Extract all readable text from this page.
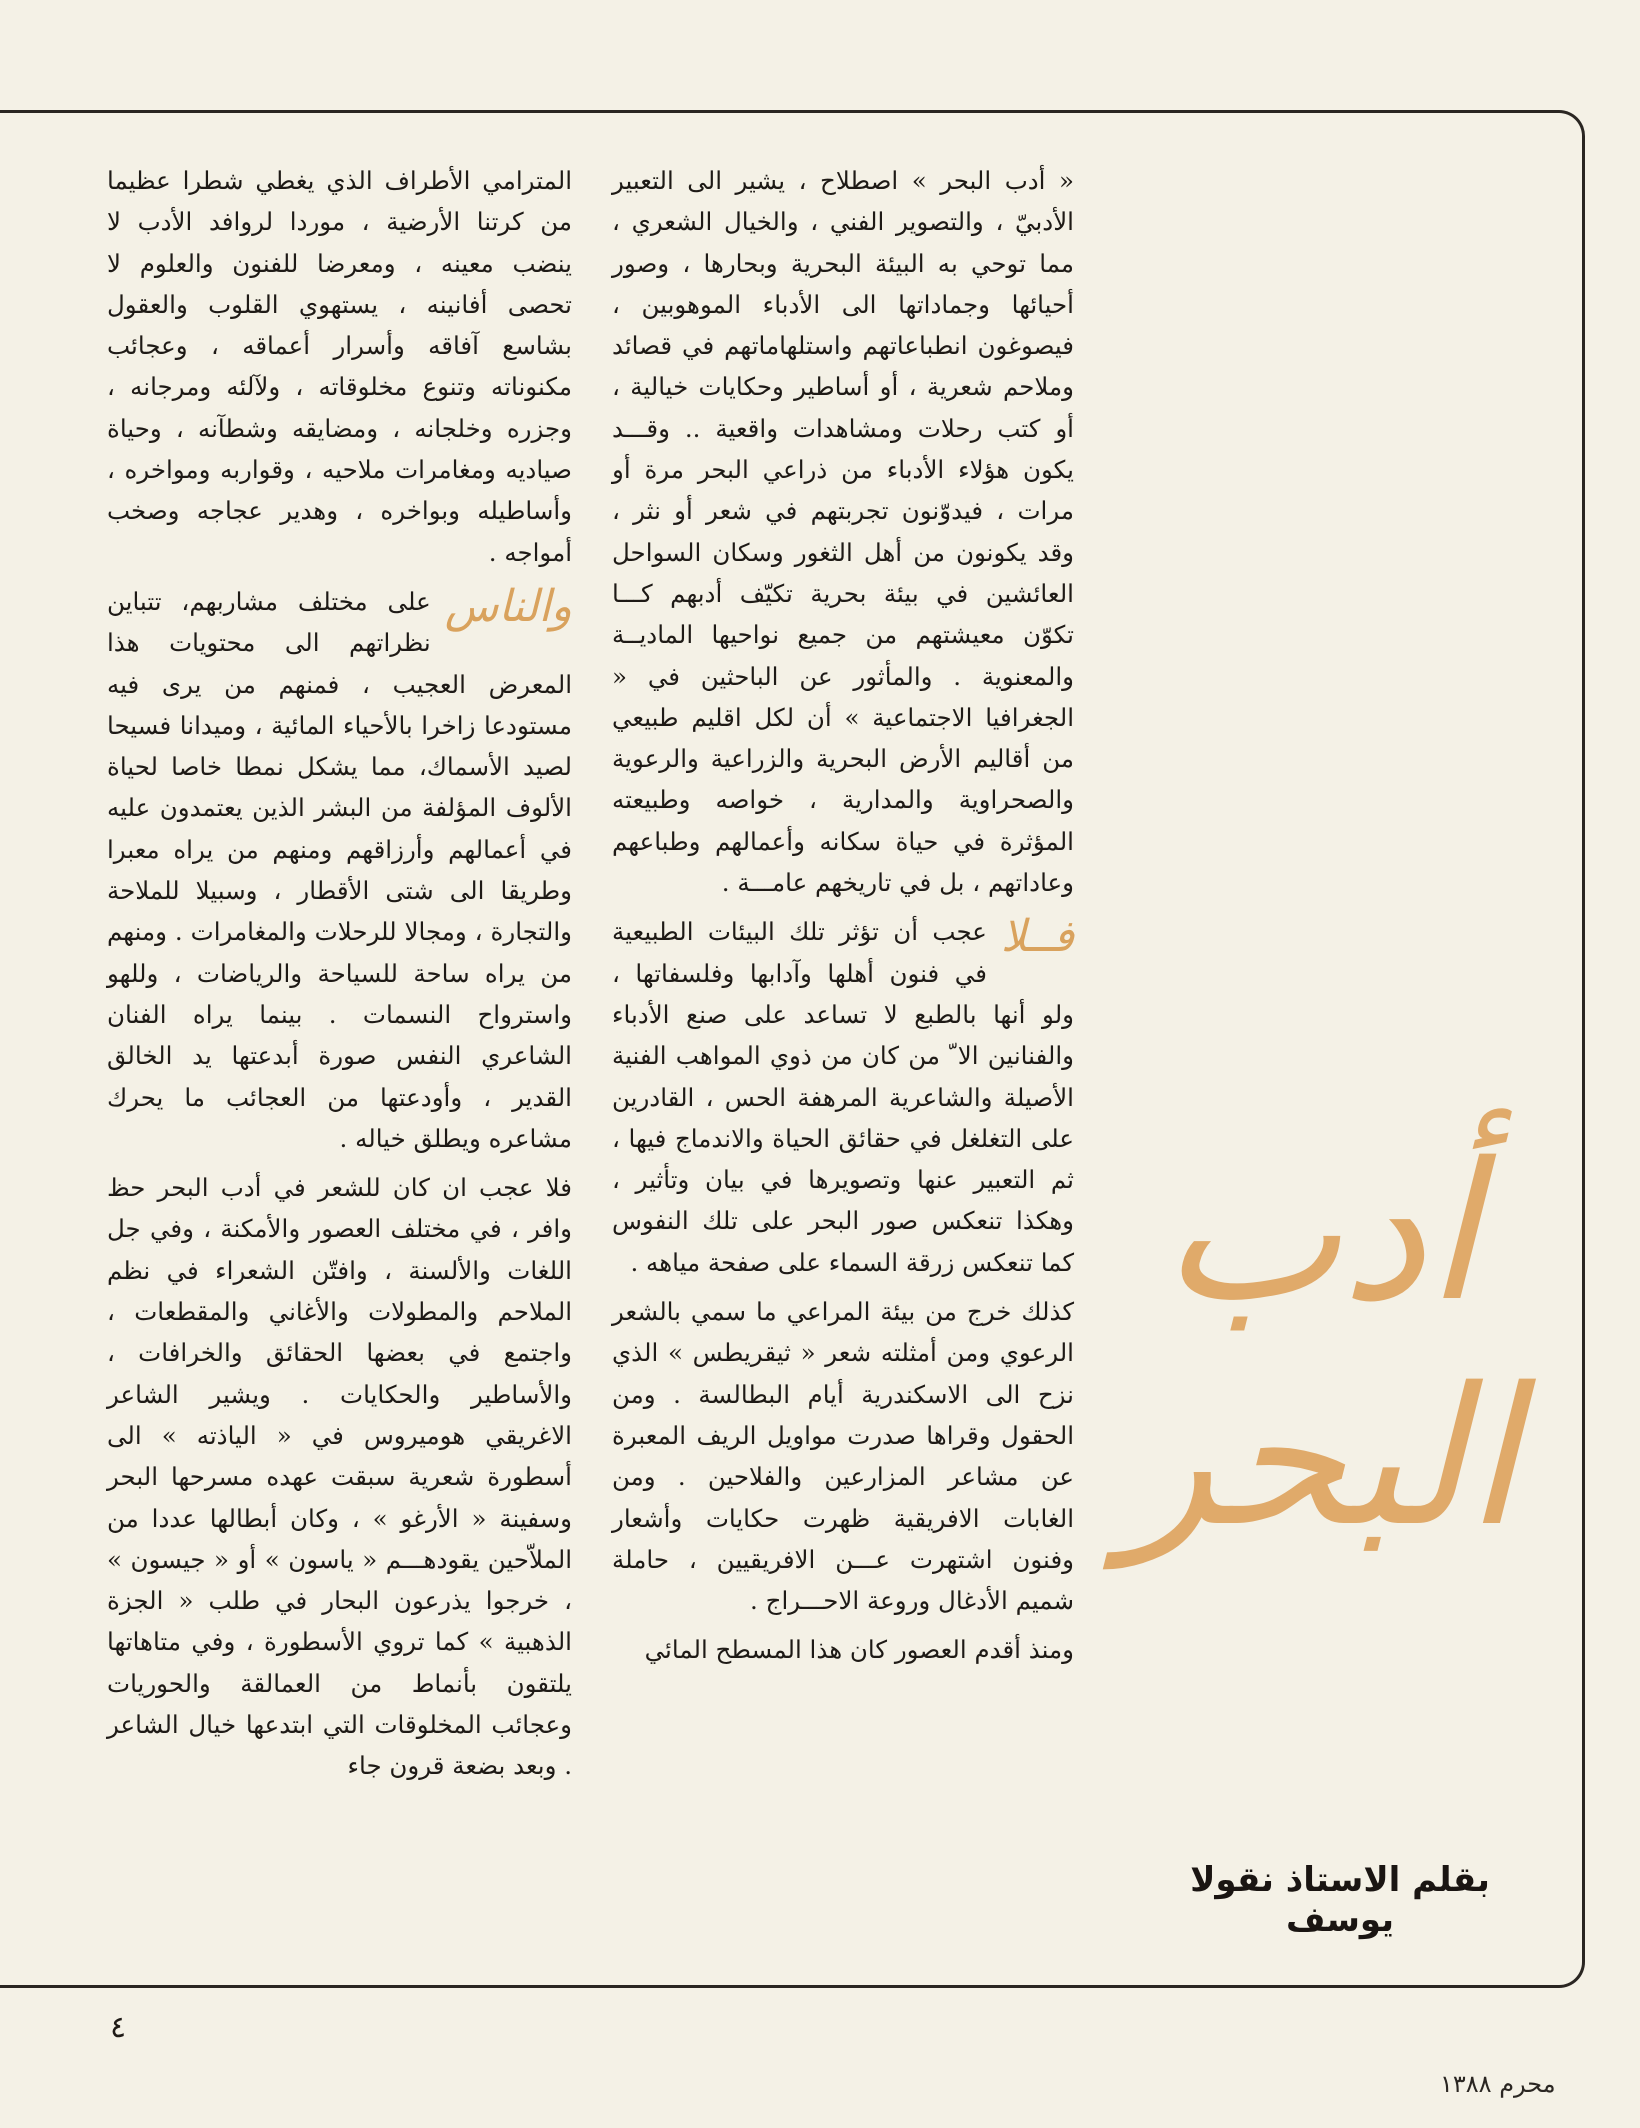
« أدب البحر » اصطلاح ، يشير الى التعبير الأدبيّ ، والتصوير الفني ، والخيال الشعري ، مما توحي به البيئة البحرية وبحارها ، وصور أحيائها وجماداتها الى الأدباء الموهوبين ، فيصوغون انطباعاتهم واستلهاماتهم في قصائد وملاحم شعرية ، أو أساطير وحكايات خيالية ، أو كتب رحلات ومشاهدات واقعية .. وقـــد يكون هؤلاء الأدباء من ذراعي البحر مرة أو مرات ، فيدوّنون تجربتهم في شعر أو نثر ، وقد يكونون من أهل الثغور وسكان السواحل العائشين في بيئة بحرية تكيّف أدبهم كـــا تكوّن معيشتهم من جميع نواحيها الماديــة والمعنوية . والمأثور عن الباحثين في « الجغرافيا الاجتماعية » أن لكل اقليم طبيعي من أقاليم الأرض البحرية والزراعية والرعوية والصحراوية والمدارية ، خواصه وطبيعته المؤثرة في حياة سكانه وأعمالهم وطباعهم وعاداتهم ، بل في تاريخهم عامـــة .

فــلا
عجب أن تؤثر تلك البيئات الطبيعية في فنون أهلها وآدابها وفلسفاتها ، ولو أنها بالطبع لا تساعد على صنع الأدباء والفنانين الا ّ من كان من ذوي المواهب الفنية الأصيلة والشاعرية المرهفة الحس ، القادرين على التغلغل في حقائق الحياة والاندماج فيها ، ثم التعبير عنها وتصويرها في بيان وتأثير ، وهكذا تنعكس صور البحر على تلك النفوس كما تنعكس زرقة السماء على صفحة مياهه .

كذلك خرج من بيئة المراعي ما سمي بالشعر الرعوي ومن أمثلته شعر « ثيقريطس » الذي نزح الى الاسكندرية أيام البطالسة . ومن الحقول وقراها صدرت مواويل الريف المعبرة عن مشاعر المزارعين والفلاحين . ومن الغابات الافريقية ظهرت حكايات وأشعار وفنون اشتهرت عـــن الافريقيين ، حاملة شميم الأدغال وروعة الاحـــراج .

ومنذ أقدم العصور كان هذا المسطح المائي

المترامي الأطراف الذي يغطي شطرا عظيما من كرتنا الأرضية ، موردا لروافد الأدب لا ينضب معينه ، ومعرضا للفنون والعلوم لا تحصى أفانينه ، يستهوي القلوب والعقول بشاسع آفاقه وأسرار أعماقه ، وعجائب مكنوناته وتنوع مخلوقاته ، ولآلئه ومرجانه ، وجزره وخلجانه ، ومضايقه وشطآنه ، وحياة صياديه ومغامرات ملاحيه ، وقواربه ومواخره ، وأساطيله وبواخره ، وهدير عجاجه وصخب أمواجه .

والناس
على مختلف مشاربهم، تتباين نظراتهم الى محتويات هذا المعرض العجيب ، فمنهم من يرى فيه مستودعا زاخرا بالأحياء المائية ، وميدانا فسيحا لصيد الأسماك، مما يشكل نمطا خاصا لحياة الألوف المؤلفة من البشر الذين يعتمدون عليه في أعمالهم وأرزاقهم ومنهم من يراه معبرا وطريقا الى شتى الأقطار ، وسبيلا للملاحة والتجارة ، ومجالا للرحلات والمغامرات . ومنهم من يراه ساحة للسياحة والرياضات ، وللهو واسترواح النسمات . بينما يراه الفنان الشاعري النفس صورة أبدعتها يد الخالق القدير ، وأودعتها من العجائب ما يحرك مشاعره ويطلق خياله .

فلا عجب ان كان للشعر في أدب البحر حظ وافر ، في مختلف العصور والأمكنة ، وفي جل اللغات والألسنة ، وافتّن الشعراء في نظم الملاحم والمطولات والأغاني والمقطعات ، واجتمع في بعضها الحقائق والخرافات ، والأساطير والحكايات . ويشير الشاعر الاغريقي هوميروس في « الياذته » الى أسطورة شعرية سبقت عهده مسرحها البحر وسفينة « الأرغو » ، وكان أبطالها عددا من الملاّحين يقودهـــم « ياسون » أو « جيسون » ، خرجوا يذرعون البحار في طلب « الجزة الذهبية » كما تروي الأسطورة ، وفي متاهاتها يلتقون بأنماط من العمالقة والحوريات وعجائب المخلوقات التي ابتدعها خيال الشاعر . وبعد بضعة قرون جاء

أدب
البحر
بقلم الاستاذ نقولا يوسف
٤
محرم ١٣٨٨
